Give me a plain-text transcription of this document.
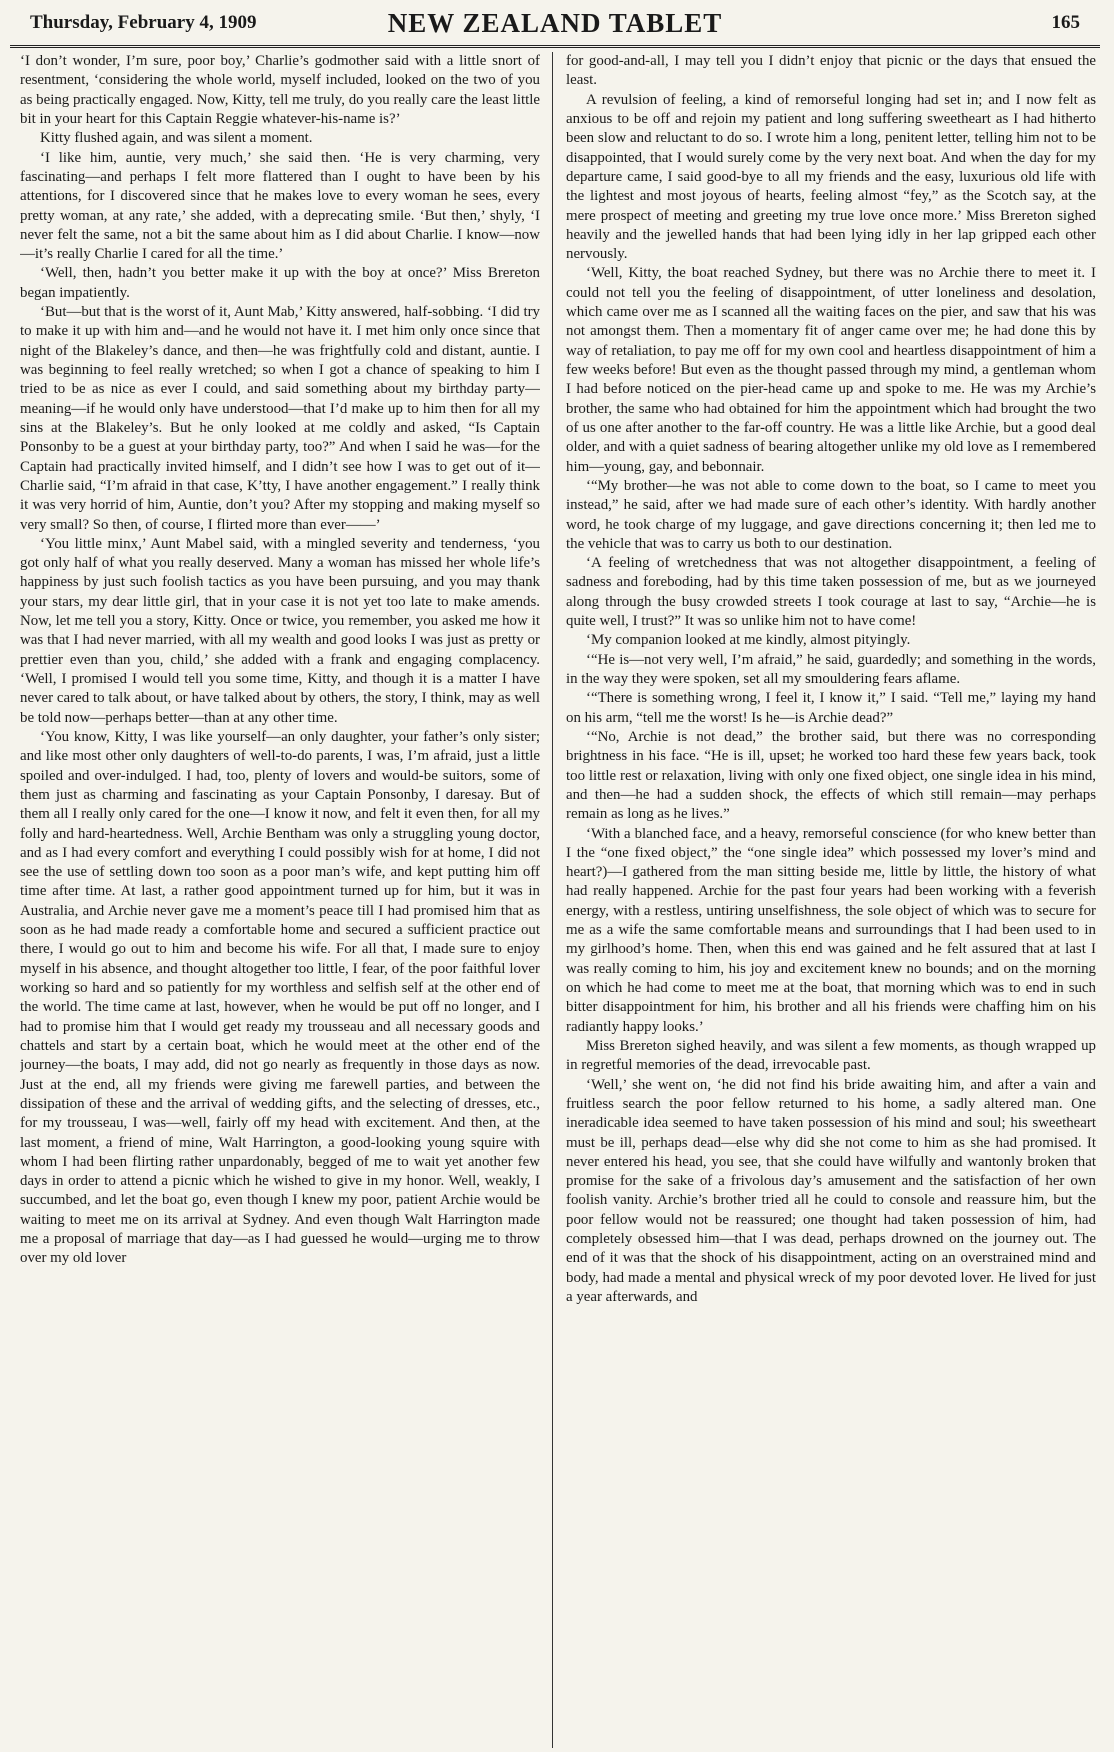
Thursday, February 4, 1909	NEW ZEALAND TABLET	165

‘I don’t wonder, I’m sure, poor boy,’ Charlie’s godmother said with a little snort of resentment, ‘considering the whole world, myself included, looked on the two of you as being practically engaged. Now, Kitty, tell me truly, do you really care the least little bit in your heart for this Captain Reggie whatever-his-name is?’

Kitty flushed again, and was silent a moment.

‘I like him, auntie, very much,’ she said then. ‘He is very charming, very fascinating—and perhaps I felt more flattered than I ought to have been by his attentions, for I discovered since that he makes love to every woman he sees, every pretty woman, at any rate,’ she added, with a deprecating smile. ‘But then,’ shyly, ‘I never felt the same, not a bit the same about him as I did about Charlie. I know—now—it’s really Charlie I cared for all the time.’

‘Well, then, hadn’t you better make it up with the boy at once?’ Miss Brereton began impatiently.

‘But—but that is the worst of it, Aunt Mab,’ Kitty answered, half-sobbing. ‘I did try to make it up with him and—and he would not have it. I met him only once since that night of the Blakeley’s dance, and then—he was frightfully cold and distant, auntie. I was beginning to feel really wretched; so when I got a chance of speaking to him I tried to be as nice as ever I could, and said something about my birthday party—meaning—if he would only have understood—that I’d make up to him then for all my sins at the Blakeley’s. But he only looked at me coldly and asked, “Is Captain Ponsonby to be a guest at your birthday party, too?” And when I said he was—for the Captain had practically invited himself, and I didn’t see how I was to get out of it—Charlie said, “I’m afraid in that case, K’tty, I have another engagement.” I really think it was very horrid of him, Auntie, don’t you? After my stopping and making myself so very small? So then, of course, I flirted more than ever——’

‘You little minx,’ Aunt Mabel said, with a mingled severity and tenderness, ‘you got only half of what you really deserved. Many a woman has missed her whole life’s happiness by just such foolish tactics as you have been pursuing, and you may thank your stars, my dear little girl, that in your case it is not yet too late to make amends. Now, let me tell you a story, Kitty. Once or twice, you remember, you asked me how it was that I had never married, with all my wealth and good looks I was just as pretty or prettier even than you, child,’ she added with a frank and engaging complacency. ‘Well, I promised I would tell you some time, Kitty, and though it is a matter I have never cared to talk about, or have talked about by others, the story, I think, may as well be told now—perhaps better—than at any other time.

‘You know, Kitty, I was like yourself—an only daughter, your father’s only sister; and like most other only daughters of well-to-do parents, I was, I’m afraid, just a little spoiled and over-indulged. I had, too, plenty of lovers and would-be suitors, some of them just as charming and fascinating as your Captain Ponsonby, I daresay. But of them all I really only cared for the one—I know it now, and felt it even then, for all my folly and hard-heartedness. Well, Archie Bentham was only a struggling young doctor, and as I had every comfort and everything I could possibly wish for at home, I did not see the use of settling down too soon as a poor man’s wife, and kept putting him off time after time. At last, a rather good appointment turned up for him, but it was in Australia, and Archie never gave me a moment’s peace till I had promised him that as soon as he had made ready a comfortable home and secured a sufficient practice out there, I would go out to him and become his wife. For all that, I made sure to enjoy myself in his absence, and thought altogether too little, I fear, of the poor faithful lover working so hard and so patiently for my worthless and selfish self at the other end of the world. The time came at last, however, when he would be put off no longer, and I had to promise him that I would get ready my trousseau and all necessary goods and chattels and start by a certain boat, which he would meet at the other end of the journey—the boats, I may add, did not go nearly as frequently in those days as now. Just at the end, all my friends were giving me farewell parties, and between the dissipation of these and the arrival of wedding gifts, and the selecting of dresses, etc., for my trousseau, I was—well, fairly off my head with excitement. And then, at the last moment, a friend of mine, Walt Harrington, a good-looking young squire with whom I had been flirting rather unpardonably, begged of me to wait yet another few days in order to attend a picnic which he wished to give in my honor. Well, weakly, I succumbed, and let the boat go, even though I knew my poor, patient Archie would be waiting to meet me on its arrival at Sydney. And even though Walt Harrington made me a proposal of marriage that day—as I had guessed he would—urging me to throw over my old lover

for good-and-all, I may tell you I didn’t enjoy that picnic or the days that ensued the least.

A revulsion of feeling, a kind of remorseful longing had set in; and I now felt as anxious to be off and rejoin my patient and long suffering sweetheart as I had hitherto been slow and reluctant to do so. I wrote him a long, penitent letter, telling him not to be disappointed, that I would surely come by the very next boat. And when the day for my departure came, I said good-bye to all my friends and the easy, luxurious old life with the lightest and most joyous of hearts, feeling almost “fey,” as the Scotch say, at the mere prospect of meeting and greeting my true love once more.’ Miss Brereton sighed heavily and the jewelled hands that had been lying idly in her lap gripped each other nervously.

‘Well, Kitty, the boat reached Sydney, but there was no Archie there to meet it. I could not tell you the feeling of disappointment, of utter loneliness and desolation, which came over me as I scanned all the waiting faces on the pier, and saw that his was not amongst them. Then a momentary fit of anger came over me; he had done this by way of retaliation, to pay me off for my own cool and heartless disappointment of him a few weeks before! But even as the thought passed through my mind, a gentleman whom I had before noticed on the pier-head came up and spoke to me. He was my Archie’s brother, the same who had obtained for him the appointment which had brought the two of us one after another to the far-off country. He was a little like Archie, but a good deal older, and with a quiet sadness of bearing altogether unlike my old love as I remembered him—young, gay, and bebonnair.

‘“My brother—he was not able to come down to the boat, so I came to meet you instead,” he said, after we had made sure of each other’s identity. With hardly another word, he took charge of my luggage, and gave directions concerning it; then led me to the vehicle that was to carry us both to our destination.

‘A feeling of wretchedness that was not altogether disappointment, a feeling of sadness and foreboding, had by this time taken possession of me, but as we journeyed along through the busy crowded streets I took courage at last to say, “Archie—he is quite well, I trust?” It was so unlike him not to have come!

‘My companion looked at me kindly, almost pityingly.

‘“He is—not very well, I’m afraid,” he said, guardedly; and something in the words, in the way they were spoken, set all my smouldering fears aflame.

‘“There is something wrong, I feel it, I know it,” I said. “Tell me,” laying my hand on his arm, “tell me the worst! Is he—is Archie dead?”

‘“No, Archie is not dead,” the brother said, but there was no corresponding brightness in his face. “He is ill, upset; he worked too hard these few years back, took too little rest or relaxation, living with only one fixed object, one single idea in his mind, and then—he had a sudden shock, the effects of which still remain—may perhaps remain as long as he lives.”

‘With a blanched face, and a heavy, remorseful conscience (for who knew better than I the “one fixed object,” the “one single idea” which possessed my lover’s mind and heart?)—I gathered from the man sitting beside me, little by little, the history of what had really happened. Archie for the past four years had been working with a feverish energy, with a restless, untiring unselfishness, the sole object of which was to secure for me as a wife the same comfortable means and surroundings that I had been used to in my girlhood’s home. Then, when this end was gained and he felt assured that at last I was really coming to him, his joy and excitement knew no bounds; and on the morning on which he had come to meet me at the boat, that morning which was to end in such bitter disappointment for him, his brother and all his friends were chaffing him on his radiantly happy looks.’

Miss Brereton sighed heavily, and was silent a few moments, as though wrapped up in regretful memories of the dead, irrevocable past.

‘Well,’ she went on, ‘he did not find his bride awaiting him, and after a vain and fruitless search the poor fellow returned to his home, a sadly altered man. One ineradicable idea seemed to have taken possession of his mind and soul; his sweetheart must be ill, perhaps dead—else why did she not come to him as she had promised. It never entered his head, you see, that she could have wilfully and wantonly broken that promise for the sake of a frivolous day’s amusement and the satisfaction of her own foolish vanity. Archie’s brother tried all he could to console and reassure him, but the poor fellow would not be reassured; one thought had taken possession of him, had completely obsessed him—that I was dead, perhaps drowned on the journey out. The end of it was that the shock of his disappointment, acting on an overstrained mind and body, had made a mental and physical wreck of my poor devoted lover. He lived for just a year afterwards, and
